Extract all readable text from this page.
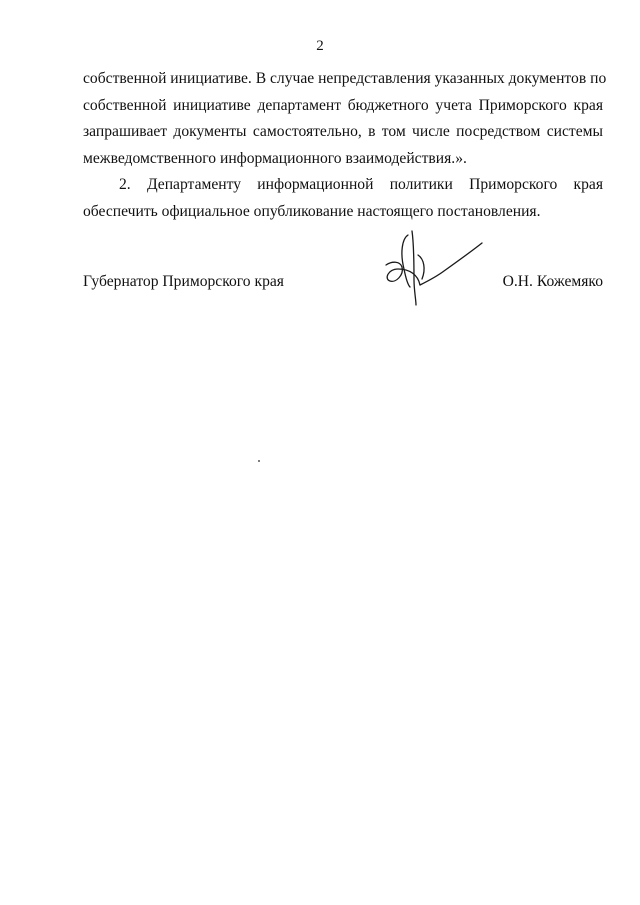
2
собственной инициативе. В случае непредставления указанных документов по
собственной инициативе департамент бюджетного учета Приморского края
запрашивает документы самостоятельно, в том числе посредством системы
межведомственного информационного взаимодействия.».
2. Департаменту информационной политики Приморского края
обеспечить официальное опубликование настоящего постановления.
Губернатор Приморского края	О.Н. Кожемяко
